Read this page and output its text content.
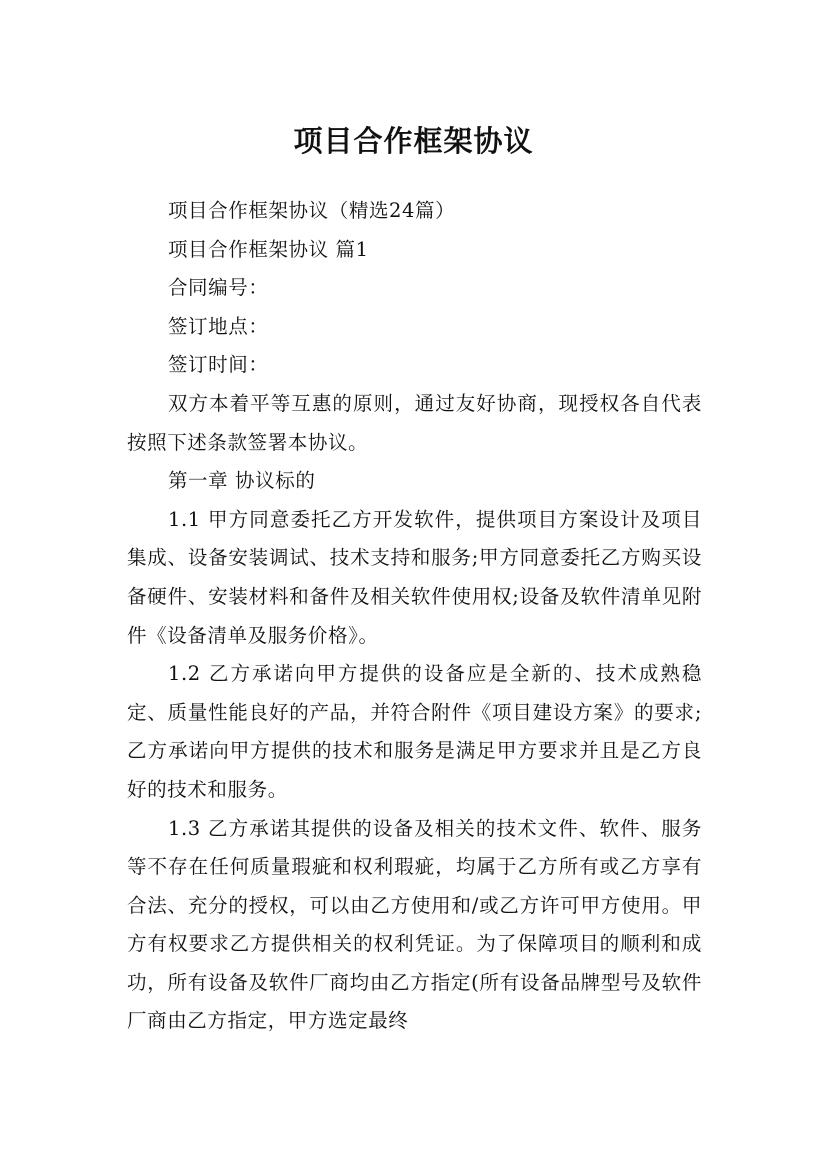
项目合作框架协议

项目合作框架协议（精选24篇）

项目合作框架协议 篇1

合同编号：

签订地点：

签订时间：

双方本着平等互惠的原则，通过友好协商，现授权各自代表按照下述条款签署本协议。

第一章 协议标的

1.1 甲方同意委托乙方开发软件，提供项目方案设计及项目集成、设备安装调试、技术支持和服务;甲方同意委托乙方购买设备硬件、安装材料和备件及相关软件使用权;设备及软件清单见附件《设备清单及服务价格》。

1.2 乙方承诺向甲方提供的设备应是全新的、技术成熟稳定、质量性能良好的产品，并符合附件《项目建设方案》的要求;乙方承诺向甲方提供的技术和服务是满足甲方要求并且是乙方良好的技术和服务。

1.3 乙方承诺其提供的设备及相关的技术文件、软件、服务等不存在任何质量瑕疵和权利瑕疵，均属于乙方所有或乙方享有合法、充分的授权，可以由乙方使用和/或乙方许可甲方使用。甲方有权要求乙方提供相关的权利凭证。为了保障项目的顺利和成功，所有设备及软件厂商均由乙方指定(所有设备品牌型号及软件厂商由乙方指定，甲方选定最终
